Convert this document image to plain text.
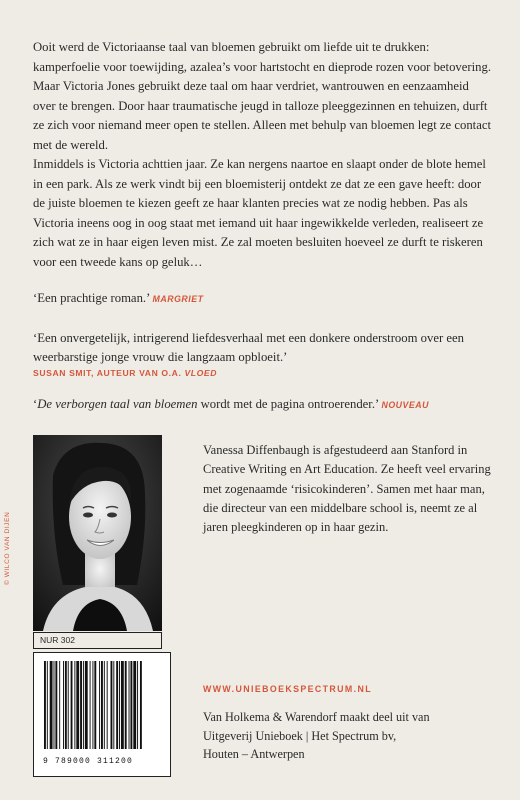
Ooit werd de Victoriaanse taal van bloemen gebruikt om liefde uit te drukken: kamperfoelie voor toewijding, azalea’s voor hartstocht en dieprode rozen voor betovering. Maar Victoria Jones gebruikt deze taal om haar verdriet, wantrouwen en eenzaamheid over te brengen. Door haar traumatische jeugd in talloze pleeggezinnen en tehuizen, durft ze zich voor niemand meer open te stellen. Alleen met behulp van bloemen legt ze contact met de wereld.

Inmiddels is Victoria achttien jaar. Ze kan nergens naartoe en slaapt onder de blote hemel in een park. Als ze werk vindt bij een bloemisterij ontdekt ze dat ze een gave heeft: door de juiste bloemen te kiezen geeft ze haar klanten precies wat ze nodig hebben. Pas als Victoria ineens oog in oog staat met iemand uit haar ingewikkelde verleden, realiseert ze zich wat ze in haar eigen leven mist. Ze zal moeten besluiten hoeveel ze durft te riskeren voor een tweede kans op geluk…

‘Een prachtige roman.’ MARGRIET

‘Een onvergetelijk, intrigerend liefdesverhaal met een donkere onderstroom over een weerbarstige jonge vrouw die langzaam opbloeit.’

SUSAN SMIT, AUTEUR VAN O.A. VLOED

‘De verborgen taal van bloemen wordt met de pagina ontroerender.’ NOUVEAU

© WILCO VAN DIJEN
NUR 302
9 789000 311200

Vanessa Diffenbaugh is afgestudeerd aan Stanford in Creative Writing en Art Education. Ze heeft veel ervaring met zogenaamde ‘risicokinderen’. Samen met haar man, die directeur van een middelbare school is, neemt ze al jaren pleegkinderen op in haar gezin.

WWW.UNIEBOEKSPECTRUM.NL

Van Holkema & Warendorf maakt deel uit van
Uitgeverij Unieboek | Het Spectrum bv,
Houten – Antwerpen
